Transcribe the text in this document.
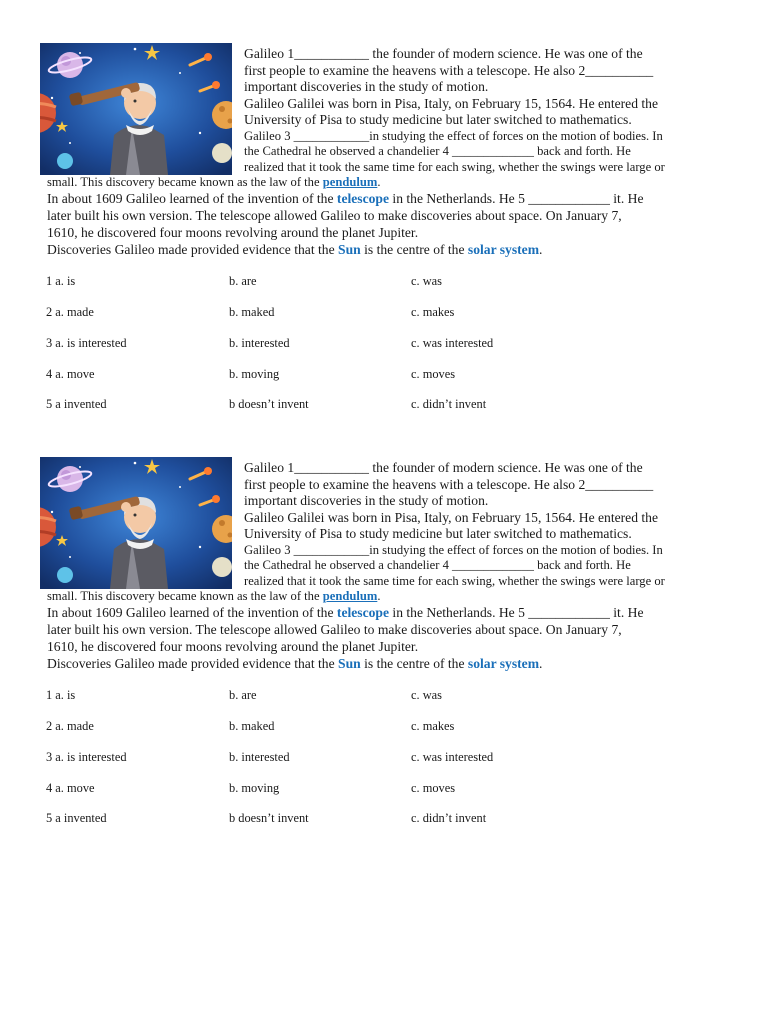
Galileo 1___________ the founder of modern science. He was one of the
first people to examine the heavens with a telescope. He also 2__________
important discoveries in the study of motion.
Galileo Galilei was born in Pisa, Italy, on February 15, 1564. He entered the
University of Pisa to study medicine but later switched to mathematics.
Galileo 3 ____________in studying the effect of forces on the motion of bodies. In
the Cathedral he observed a chandelier 4 _____________ back and forth. He
realized that it took the same time for each swing, whether the swings were large or
small. This discovery became known as the law of the pendulum.
In about 1609 Galileo learned of the invention of the telescope in the Netherlands. He 5 ____________ it. He
later built his own version. The telescope allowed Galileo to make discoveries about space. On January 7,
1610, he discovered four moons revolving around the planet Jupiter.
Discoveries Galileo made provided evidence that the Sun is the centre of the solar system.
1 a. is	b. are	c. was
2 a. made	b. maked	c. makes
3 a. is interested	b. interested	c. was interested
4 a. move	b. moving	c. moves
5 a invented	b doesn’t invent	c. didn’t invent
Galileo 1___________ the founder of modern science. He was one of the
first people to examine the heavens with a telescope. He also 2__________
important discoveries in the study of motion.
Galileo Galilei was born in Pisa, Italy, on February 15, 1564. He entered the
University of Pisa to study medicine but later switched to mathematics.
Galileo 3 ____________in studying the effect of forces on the motion of bodies. In
the Cathedral he observed a chandelier 4 _____________ back and forth. He
realized that it took the same time for each swing, whether the swings were large or
small. This discovery became known as the law of the pendulum.
In about 1609 Galileo learned of the invention of the telescope in the Netherlands. He 5 ____________ it. He
later built his own version. The telescope allowed Galileo to make discoveries about space. On January 7,
1610, he discovered four moons revolving around the planet Jupiter.
Discoveries Galileo made provided evidence that the Sun is the centre of the solar system.
1 a. is	b. are	c. was
2 a. made	b. maked	c. makes
3 a. is interested	b. interested	c. was interested
4 a. move	b. moving	c. moves
5 a invented	b doesn’t invent	c. didn’t invent
